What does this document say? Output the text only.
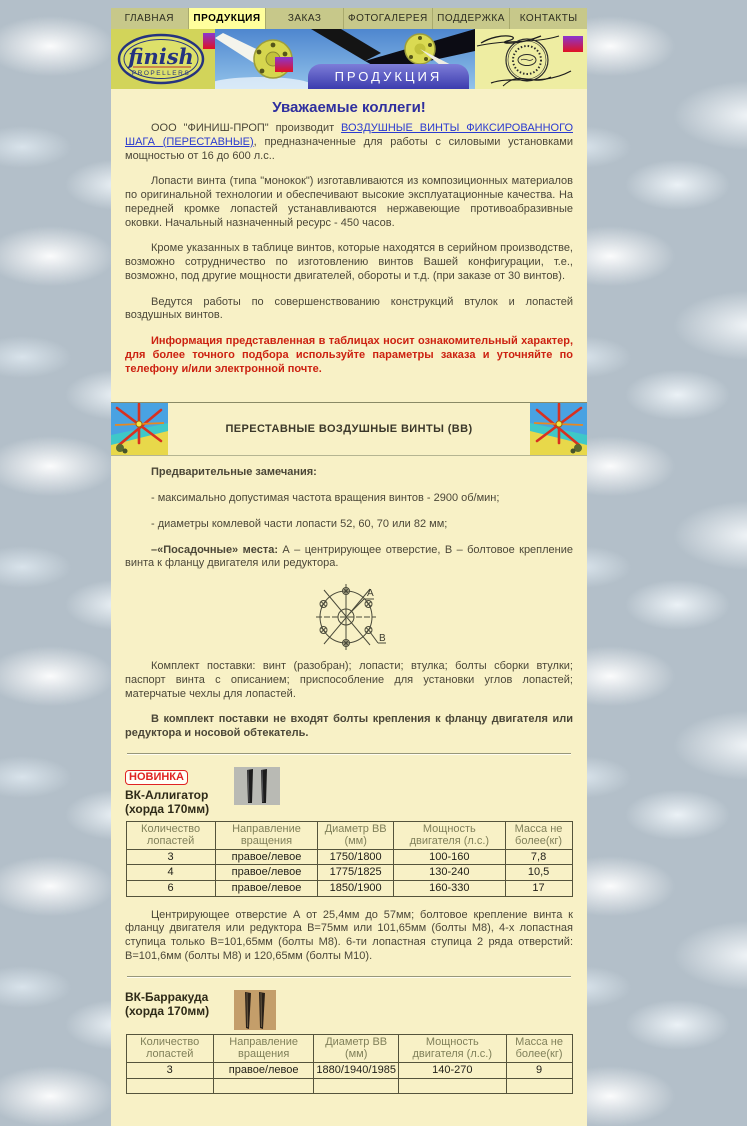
ГЛАВНАЯ	ПРОДУКЦИЯ	ЗАКАЗ	ФОТОГАЛЕРЕЯ ПОДДЕРЖКА	КОНТАКТЫ
finish
PROPELLERS	ПРОДУКЦИЯ
Уважаемые коллеги!

ООО "ФИНИШ-ПРОП" производит ВОЗДУШНЫЕ ВИНТЫ ФИКСИРОВАННОГО ШАГА (ПЕРЕСТАВНЫЕ), предназначенные для работы с силовыми установками мощностью от 16 до 600 л.с..

Лопасти винта (типа "монокок") изготавливаются из композиционных материалов по оригинальной технологии и обеспечивают высокие эксплуатационные качества. На передней кромке лопастей устанавливаются нержавеющие противоабразивные оковки. Начальный назначенный ресурс - 450 часов.

Кроме указанных в таблице винтов, которые находятся в серийном производстве, возможно сотрудничество по изготовлению винтов Вашей конфигурации, т.е., возможно, под другие мощности двигателей, обороты и т.д. (при заказе от 30 винтов).

Ведутся работы по совершенствованию конструкций втулок и лопастей воздушных винтов.

Информация представленная в таблицах носит ознакомительный характер, для более точного подбора используйте параметры заказа и уточняйте по телефону и/или электронной почте.

ПЕРЕСТАВНЫЕ ВОЗДУШНЫЕ ВИНТЫ (ВВ)

Предварительные замечания:

- максимально допустимая частота вращения винтов - 2900 об/мин;

- диаметры комлевой части лопасти 52, 60, 70 или 82 мм;

–«Посадочные» места: А – центрирующее отверстие, В – болтовое крепление винта к фланцу двигателя или редуктора.

A
B

Комплект поставки: винт (разобран); лопасти; втулка; болты сборки втулки; паспорт винта с описанием; приспособление для установки углов лопастей; матерчатые чехлы для лопастей.

В комплект поставки не входят болты крепления к фланцу двигателя или редуктора и носовой обтекатель.

НОВИНКА
ВК-Аллигатор
(хорда 170мм)
Количество лопастей	Направление вращения	Диаметр ВВ (мм)	Мощность двигателя (л.с.)	Масса не более(кг)
3	правое/левое	1750/1800	100-160	7,8
4	правое/левое	1775/1825	130-240	10,5
6	правое/левое	1850/1900	160-330	17

Центрирующее отверстие А от 25,4мм до 57мм; болтовое крепление винта к фланцу двигателя или редуктора В=75мм или 101,65мм (болты М8), 4-х лопастная ступица только В=101,65мм (болты М8). 6-ти лопастная ступица 2 ряда отверстий: В=101,6мм (болты М8) и 120,65мм (болты М10).

ВК-Барракуда
(хорда 170мм)
Количество лопастей	Направление вращения	Диаметр ВВ (мм)	Мощность двигателя (л.с.)	Масса не более(кг)
3	правое/левое	1880/1940/1985	140-270	9
